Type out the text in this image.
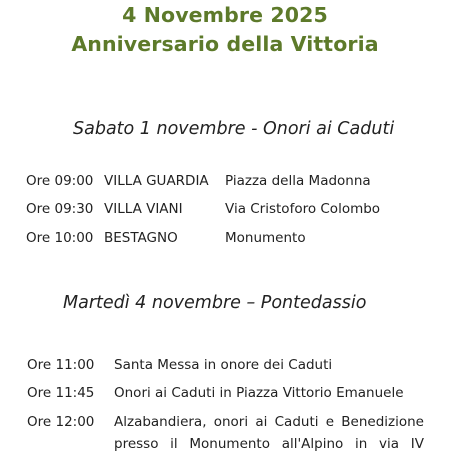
4 Novembre 2025
Anniversario della Vittoria
Sabato 1 novembre - Onori ai Caduti
Ore 09:00 VILLA GUARDIA Piazza della Madonna
Ore 09:30 VILLA VIANI	Via Cristoforo Colombo
Ore 10:00 BESTAGNO	Monumento
Martedì 4 novembre – Pontedassio
Ore 11:00 Santa Messa in onore dei Caduti
Ore 11:45 Onori ai Caduti in Piazza Vittorio Emanuele
Ore 12:00 Alzabandiera, onori ai Caduti e Benedizione
presso il Monumento all'Alpino in via IV
